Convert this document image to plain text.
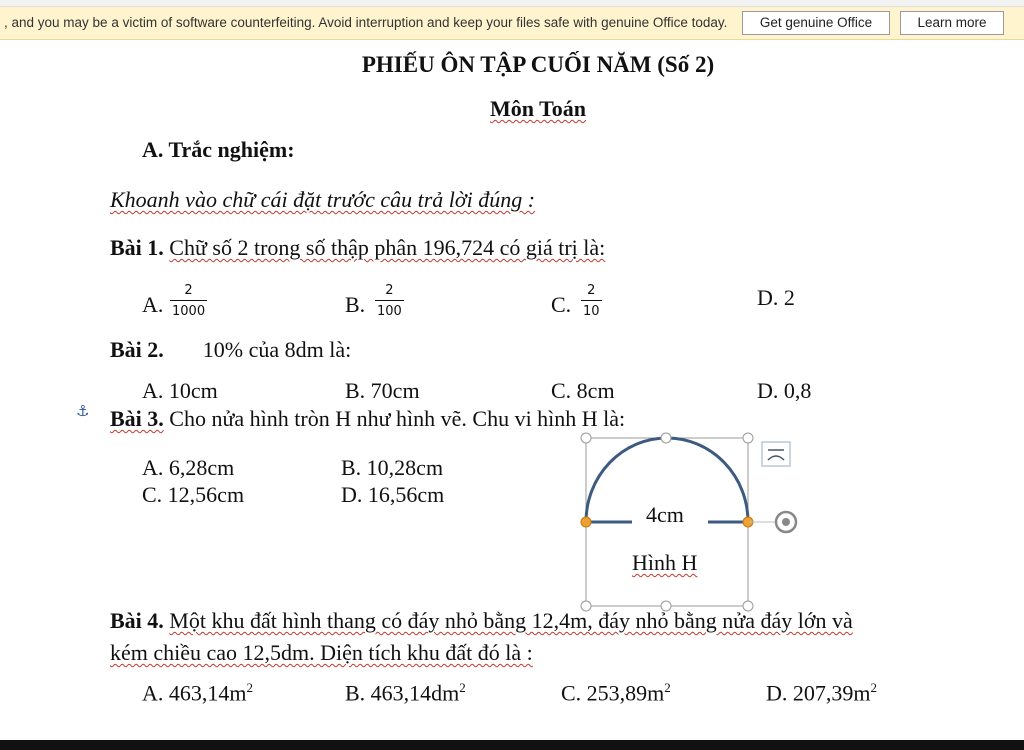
, and you may be a victim of software counterfeiting. Avoid interruption and keep your files safe with genuine Office today.	Get genuine Office	Learn more
PHIẾU ÔN TẬP CUỐI NĂM (Số 2)
Môn Toán
A. Trắc nghiệm:
Khoanh vào chữ cái đặt trước câu trả lời đúng :
Bài 1. Chữ số 2 trong số thập phân 196,724 có giá trị là:
A.
2
1000	B.
2
100	C.
2
10
D. 2
Bài 2. 10% của 8dm là:
A. 10cm	B. 70cm	C. 8cm	D. 0,8
⚓ Bài 3. Cho nửa hình tròn H như hình vẽ. Chu vi hình H là:
A. 6,28cm	B. 10,28cm
C. 12,56cm	D. 16,56cm
4cm
Hình H
Bài 4. Một khu đất hình thang có đáy nhỏ bằng 12,4m, đáy nhỏ bằng nửa đáy lớn và
kém chiều cao 12,5dm. Diện tích khu đất đó là :
A. $463,14m^2$	B. $463,14dm^2$	C. $253,89m^2$	D. $207,39m^2$
